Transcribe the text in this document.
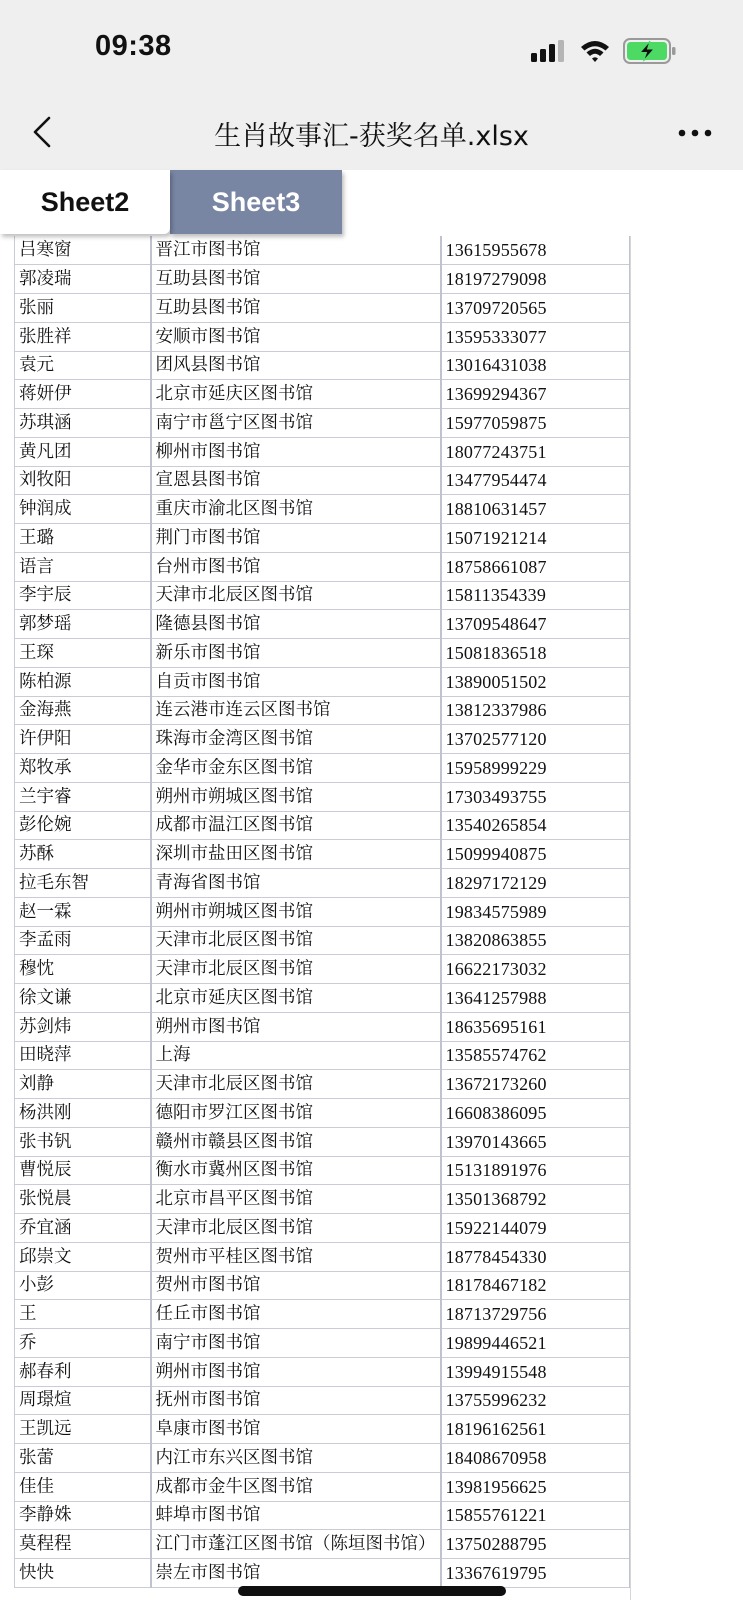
09:38
生肖故事汇-获奖名单.xlsx
Sheet2	Sheet3
吕寒窗	晋江市图书馆	13615955678
郭凌瑞	互助县图书馆	18197279098
张丽	互助县图书馆	13709720565
张胜祥	安顺市图书馆	13595333077
袁元	团风县图书馆	13016431038
蒋妍伊	北京市延庆区图书馆	13699294367
苏琪涵	南宁市邕宁区图书馆	15977059875
黄凡团	柳州市图书馆	18077243751
刘牧阳	宣恩县图书馆	13477954474
钟润成	重庆市渝北区图书馆	18810631457
王璐	荆门市图书馆	15071921214
语言	台州市图书馆	18758661087
李宇辰	天津市北辰区图书馆	15811354339
郭梦瑶	隆德县图书馆	13709548647
王琛	新乐市图书馆	15081836518
陈柏源	自贡市图书馆	13890051502
金海燕	连云港市连云区图书馆	13812337986
许伊阳	珠海市金湾区图书馆	13702577120
郑牧承	金华市金东区图书馆	15958999229
兰宇睿	朔州市朔城区图书馆	17303493755
彭伦婉	成都市温江区图书馆	13540265854
苏酥	深圳市盐田区图书馆	15099940875
拉毛东智	青海省图书馆	18297172129
赵一霖	朔州市朔城区图书馆	19834575989
李孟雨	天津市北辰区图书馆	13820863855
穆忱	天津市北辰区图书馆	16622173032
徐文谦	北京市延庆区图书馆	13641257988
苏剑炜	朔州市图书馆	18635695161
田晓萍	上海	13585574762
刘静	天津市北辰区图书馆	13672173260
杨洪刚	德阳市罗江区图书馆	16608386095
张书钒	赣州市赣县区图书馆	13970143665
曹悦辰	衡水市冀州区图书馆	15131891976
张悦晨	北京市昌平区图书馆	13501368792
乔宜涵	天津市北辰区图书馆	15922144079
邱崇文	贺州市平桂区图书馆	18778454330
小彭	贺州市图书馆	18178467182
王	任丘市图书馆	18713729756
乔	南宁市图书馆	19899446521
郝春利	朔州市图书馆	13994915548
周璟煊	抚州市图书馆	13755996232
王凯远	阜康市图书馆	18196162561
张蕾	内江市东兴区图书馆	18408670958
佳佳	成都市金牛区图书馆	13981956625
李静姝	蚌埠市图书馆	15855761221
莫程程	江门市蓬江区图书馆（陈垣图书馆）	13750288795
快快	崇左市图书馆	13367619795
